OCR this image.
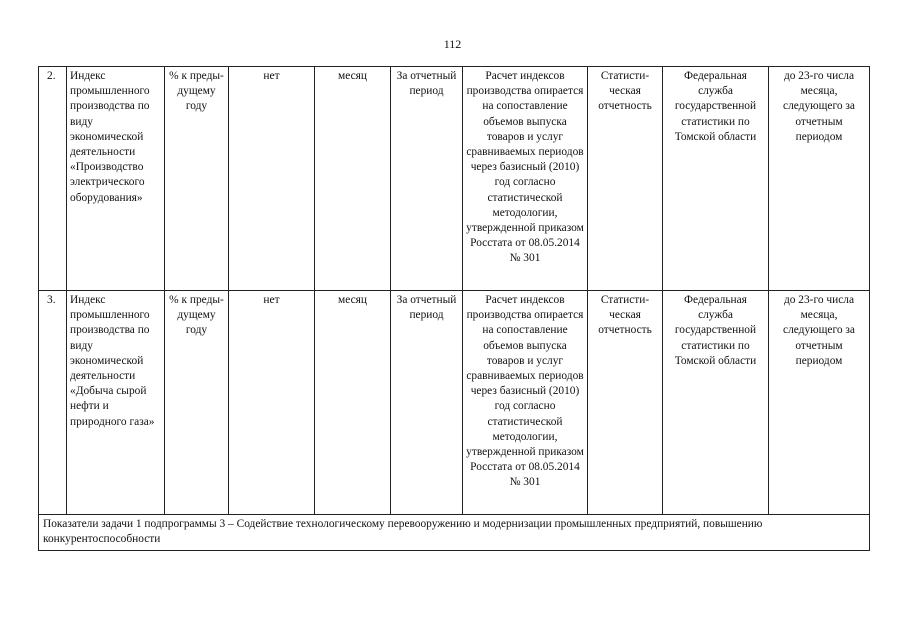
112
2.	Индекс промышленного производства по виду экономической деятельности «Производство электрического оборудования»	% к преды-дущему году	нет	месяц	За отчетный период	Расчет индексов производства опирается на сопоставление объемов выпуска товаров и услуг сравниваемых периодов через базисный (2010) год согласно статистической методологии, утвержденной приказом Росстата от 08.05.2014 № 301	Статисти-ческая отчетность	Федеральная служба государственной статистики по Томской области	до 23-го числа месяца, следующего за отчетным периодом
3.	Индекс промышленного производства по виду экономической деятельности «Добыча сырой нефти и природного газа»	% к преды-дущему году	нет	месяц	За отчетный период	Расчет индексов производства опирается на сопоставление объемов выпуска товаров и услуг сравниваемых периодов через базисный (2010) год согласно статистической методологии, утвержденной приказом Росстата от 08.05.2014 № 301	Статисти-ческая отчетность	Федеральная служба государственной статистики по Томской области	до 23-го числа месяца, следующего за отчетным периодом
Показатели задачи 1 подпрограммы 3 – Содействие технологическому перевооружению и модернизации промышленных предприятий, повышению конкурентоспособности									
